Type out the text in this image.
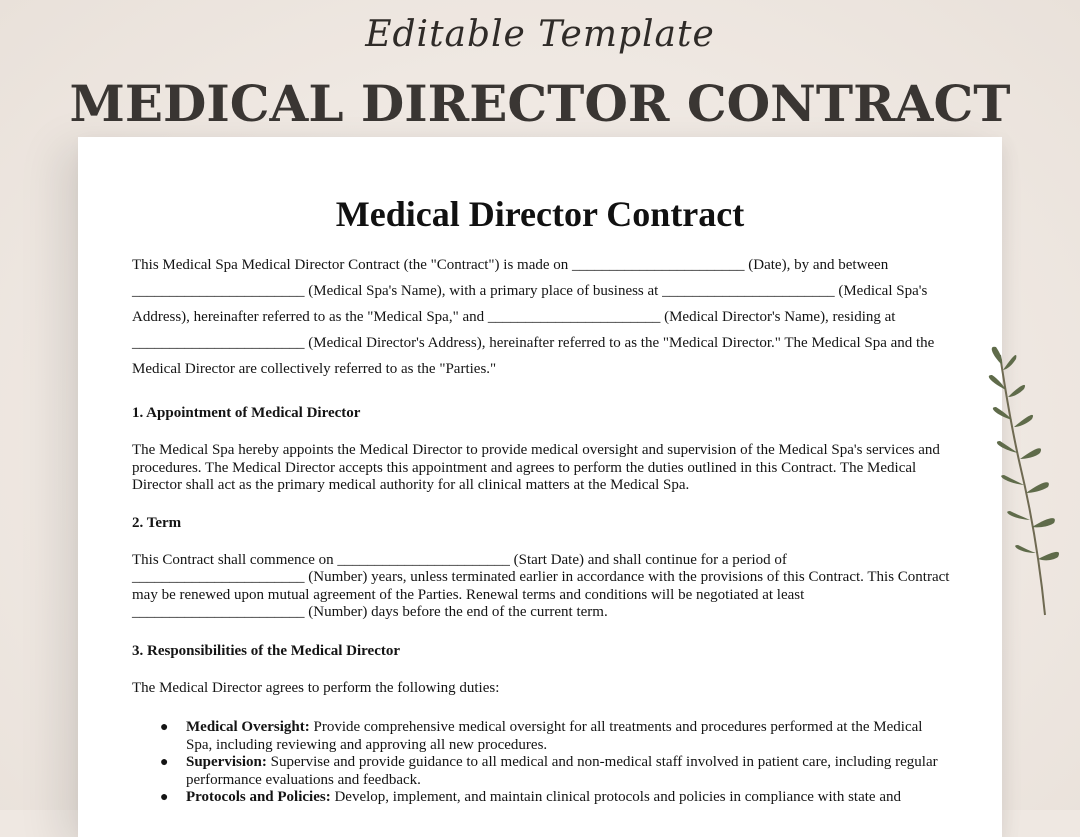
Editable Template
MEDICAL DIRECTOR CONTRACT
Medical Director Contract

This Medical Spa Medical Director Contract (the "Contract") is made on _______________________ (Date), by and between _______________________ (Medical Spa's Name), with a primary place of business at _______________________ (Medical Spa's Address), hereinafter referred to as the "Medical Spa," and _______________________ (Medical Director's Name), residing at _______________________ (Medical Director's Address), hereinafter referred to as the "Medical Director." The Medical Spa and the Medical Director are collectively referred to as the "Parties."

1. Appointment of Medical Director

The Medical Spa hereby appoints the Medical Director to provide medical oversight and supervision of the Medical Spa's services and procedures. The Medical Director accepts this appointment and agrees to perform the duties outlined in this Contract. The Medical Director shall act as the primary medical authority for all clinical matters at the Medical Spa.

2. Term

This Contract shall commence on _______________________ (Start Date) and shall continue for a period of _______________________ (Number) years, unless terminated earlier in accordance with the provisions of this Contract. This Contract may be renewed upon mutual agreement of the Parties. Renewal terms and conditions will be negotiated at least _______________________ (Number) days before the end of the current term.

3. Responsibilities of the Medical Director

The Medical Director agrees to perform the following duties:

● Medical Oversight: Provide comprehensive medical oversight for all treatments and procedures performed at the Medical Spa, including reviewing and approving all new procedures.
● Supervision: Supervise and provide guidance to all medical and non-medical staff involved in patient care, including regular performance evaluations and feedback.
● Protocols and Policies: Develop, implement, and maintain clinical protocols and policies in compliance with state and
